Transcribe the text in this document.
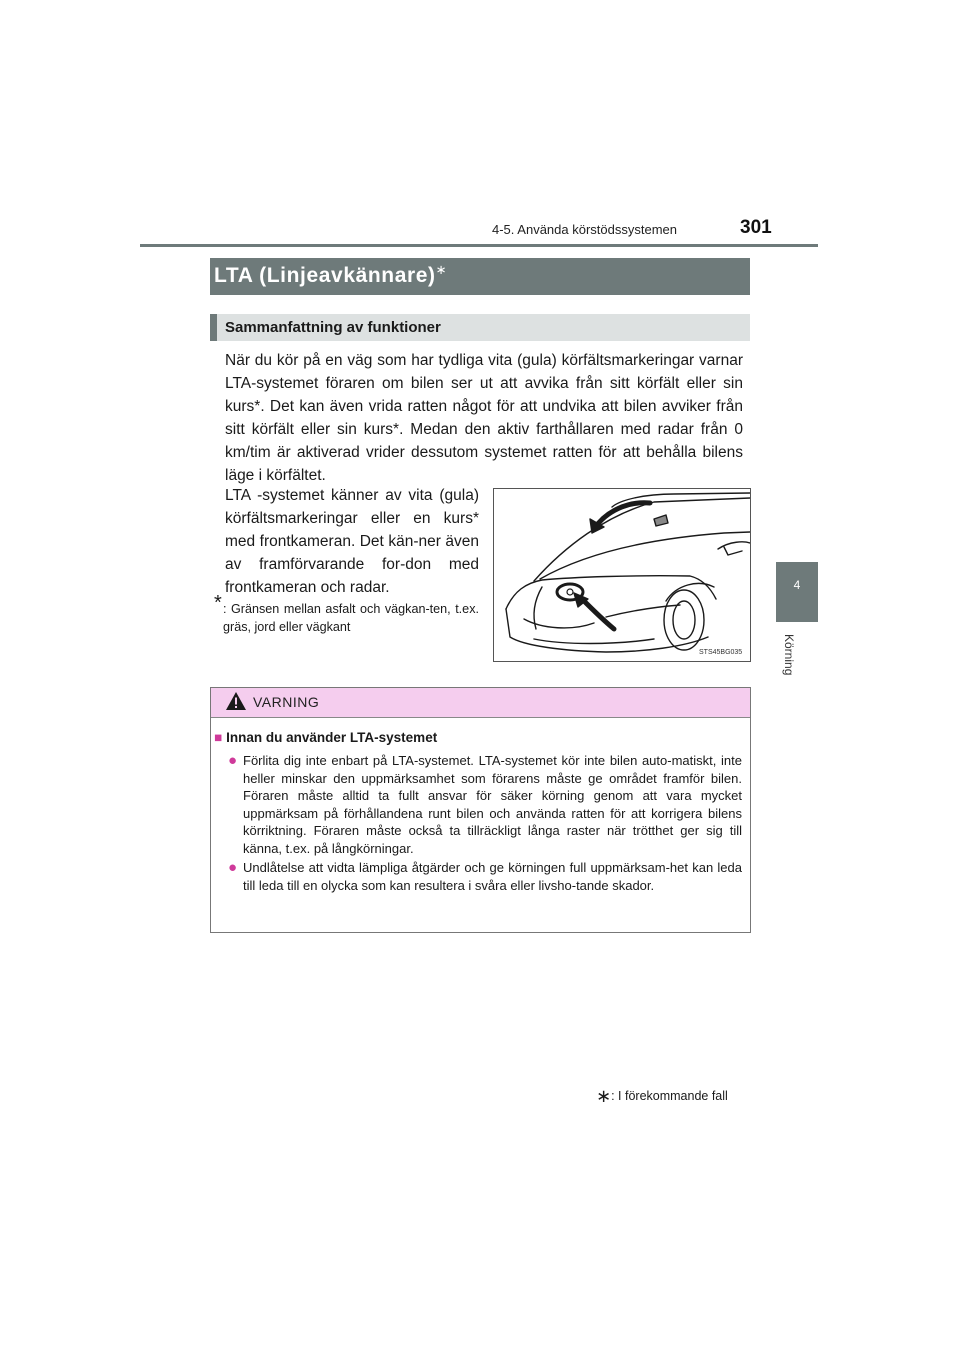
4-5. Använda körstödssystemen	301
4
Körning
LTA (Linjeavkännare)∗
Sammanfattning av funktioner
När du kör på en väg som har tydliga vita (gula) körfältsmarkeringar varnar LTA-systemet föraren om bilen ser ut att avvika från sitt körfält eller sin kurs*. Det kan även vrida ratten något för att undvika att bilen avviker från sitt körfält eller sin kurs*. Medan den aktiv farthållaren med radar från 0 km/tim är aktiverad vrider dessutom systemet ratten för att behålla bilens läge i körfältet.
LTA -systemet känner av vita (gula) körfältsmarkeringar eller en kurs* med frontkameran. Det kän-ner även av framförvarande for-don med frontkameran och radar.
* : Gränsen mellan asfalt och vägkan-ten, t.ex. gräs, jord eller vägkant
STS45BG035
VARNING
■ Innan du använder LTA-systemet
● Förlita dig inte enbart på LTA-systemet. LTA-systemet kör inte bilen auto-matiskt, inte heller minskar den uppmärksamhet som förarens måste ge området framför bilen. Föraren måste alltid ta fullt ansvar för säker körning genom att vara mycket uppmärksam på förhållandena runt bilen och använda ratten för att korrigera bilens körriktning. Föraren måste också ta tillräckligt långa raster när trötthet ger sig till känna, t.ex. på långkörningar.
● Undlåtelse att vidta lämpliga åtgärder och ge körningen full uppmärksam-het kan leda till leda till en olycka som kan resultera i svåra eller livsho-tande skador.
∗: I förekommande fall
